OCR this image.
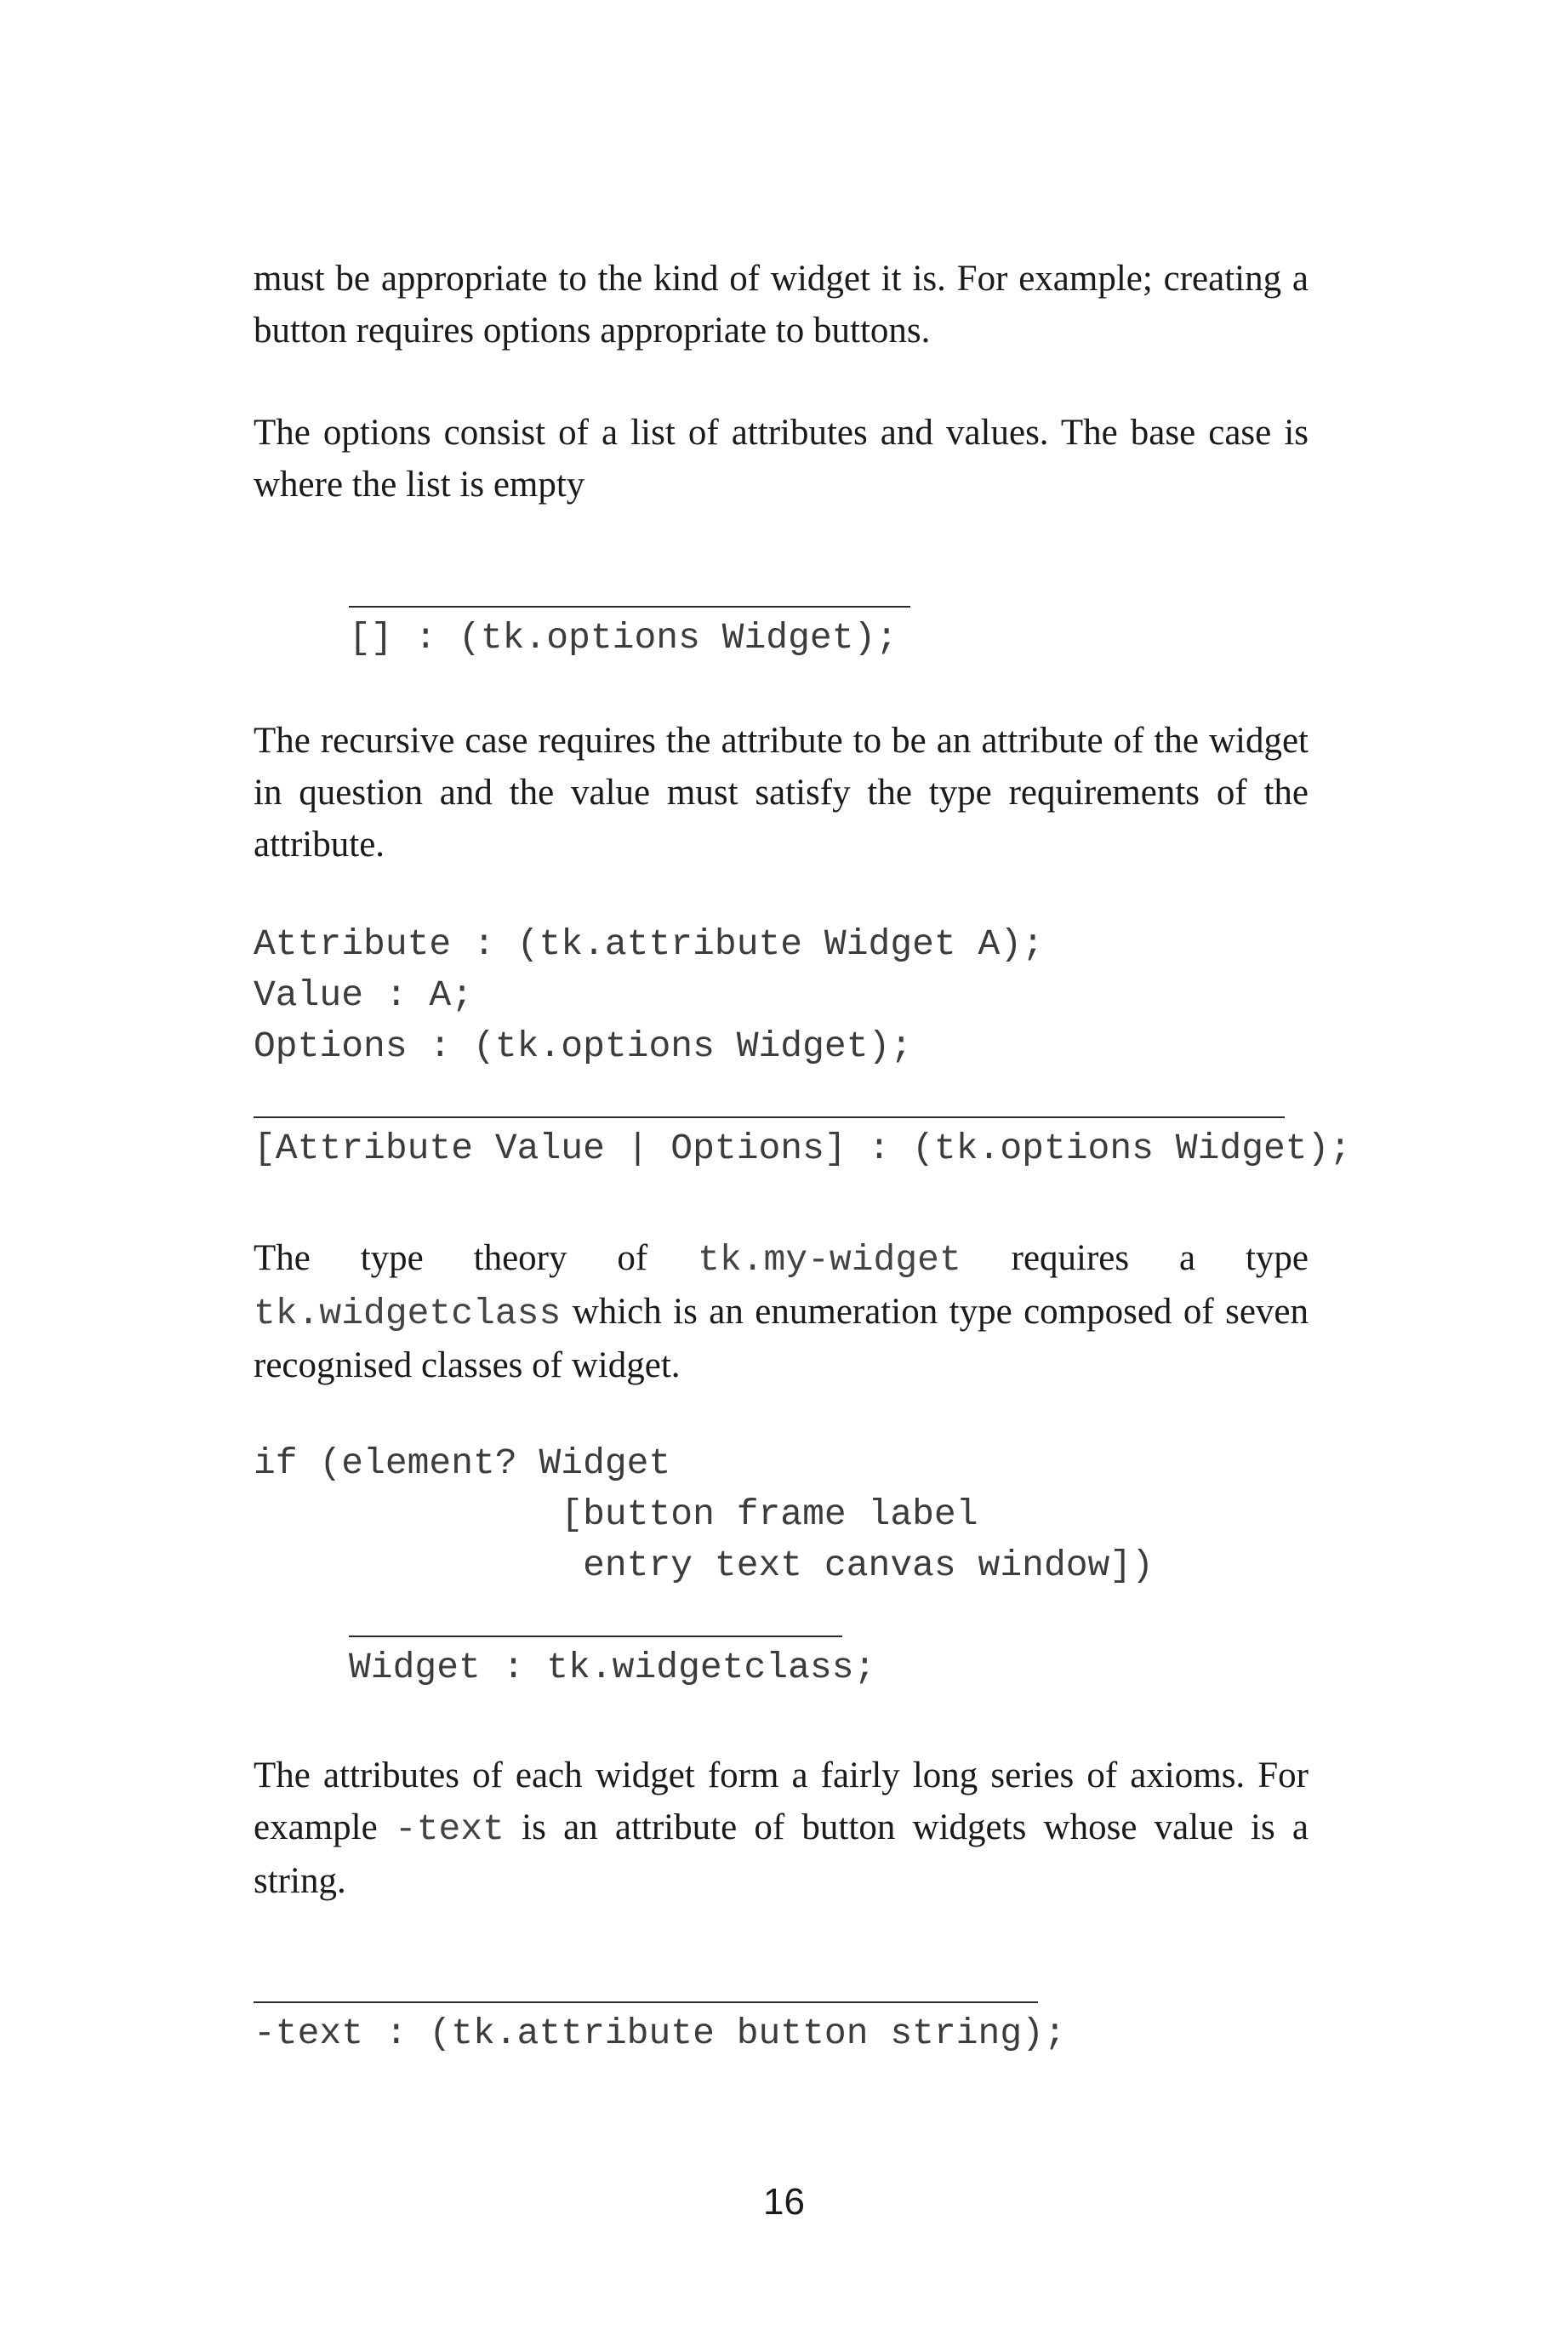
must be appropriate to the kind of widget it is. For example; creating a button requires options appropriate to buttons.

The options consist of a list of attributes and values. The base case is where the list is empty

[] : (tk.options Widget);

The recursive case requires the attribute to be an attribute of the widget in question and the value must satisfy the type requirements of the attribute.

Attribute : (tk.attribute Widget A);

Value : A;

Options : (tk.options Widget);

[Attribute Value | Options] : (tk.options Widget);

The type theory of tk.my-widget requires a type tk.widgetclass which is an enumeration type composed of seven recognised classes of widget.

if (element? Widget

[button frame label

entry text canvas window])

Widget : tk.widgetclass;

The attributes of each widget form a fairly long series of axioms. For example -text is an attribute of button widgets whose value is a string.

-text : (tk.attribute button string);

16
